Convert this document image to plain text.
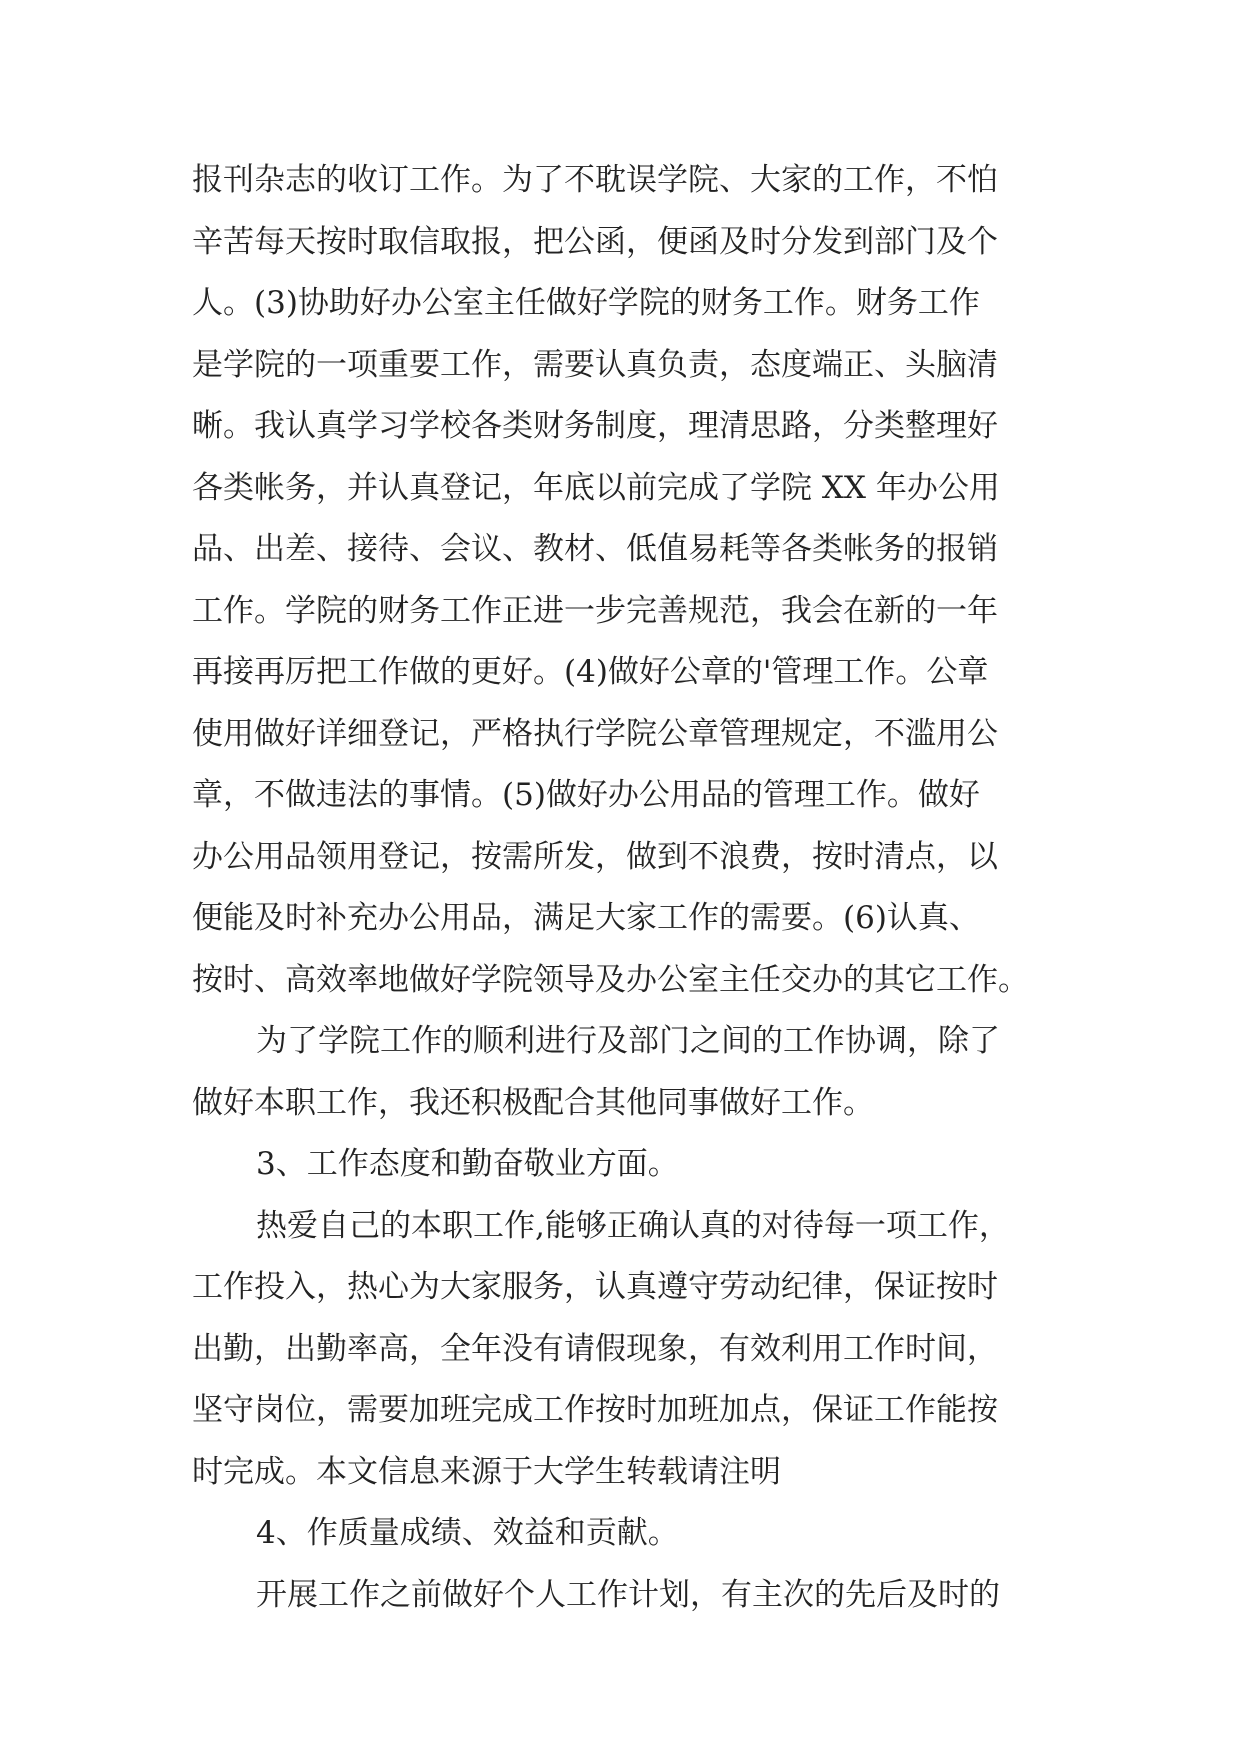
报刊杂志的收订工作。为了不耽误学院、大家的工作，不怕
辛苦每天按时取信取报，把公函，便函及时分发到部门及个
人。(3)协助好办公室主任做好学院的财务工作。财务工作
是学院的一项重要工作，需要认真负责，态度端正、头脑清
晰。我认真学习学校各类财务制度，理清思路，分类整理好
各类帐务，并认真登记，年底以前完成了学院 XX 年办公用
品、出差、接待、会议、教材、低值易耗等各类帐务的报销
工作。学院的财务工作正进一步完善规范，我会在新的一年
再接再厉把工作做的更好。(4)做好公章的'管理工作。公章
使用做好详细登记，严格执行学院公章管理规定，不滥用公
章，不做违法的事情。(5)做好办公用品的管理工作。做好
办公用品领用登记，按需所发，做到不浪费，按时清点，以
便能及时补充办公用品，满足大家工作的需要。(6)认真、
按时、高效率地做好学院领导及办公室主任交办的其它工作。
为了学院工作的顺利进行及部门之间的工作协调，除了
做好本职工作，我还积极配合其他同事做好工作。
3、工作态度和勤奋敬业方面。
热爱自己的本职工作,能够正确认真的对待每一项工作，
工作投入，热心为大家服务，认真遵守劳动纪律，保证按时
出勤，出勤率高，全年没有请假现象，有效利用工作时间，
坚守岗位，需要加班完成工作按时加班加点，保证工作能按
时完成。本文信息来源于大学生转载请注明
4、作质量成绩、效益和贡献。
开展工作之前做好个人工作计划，有主次的先后及时的
